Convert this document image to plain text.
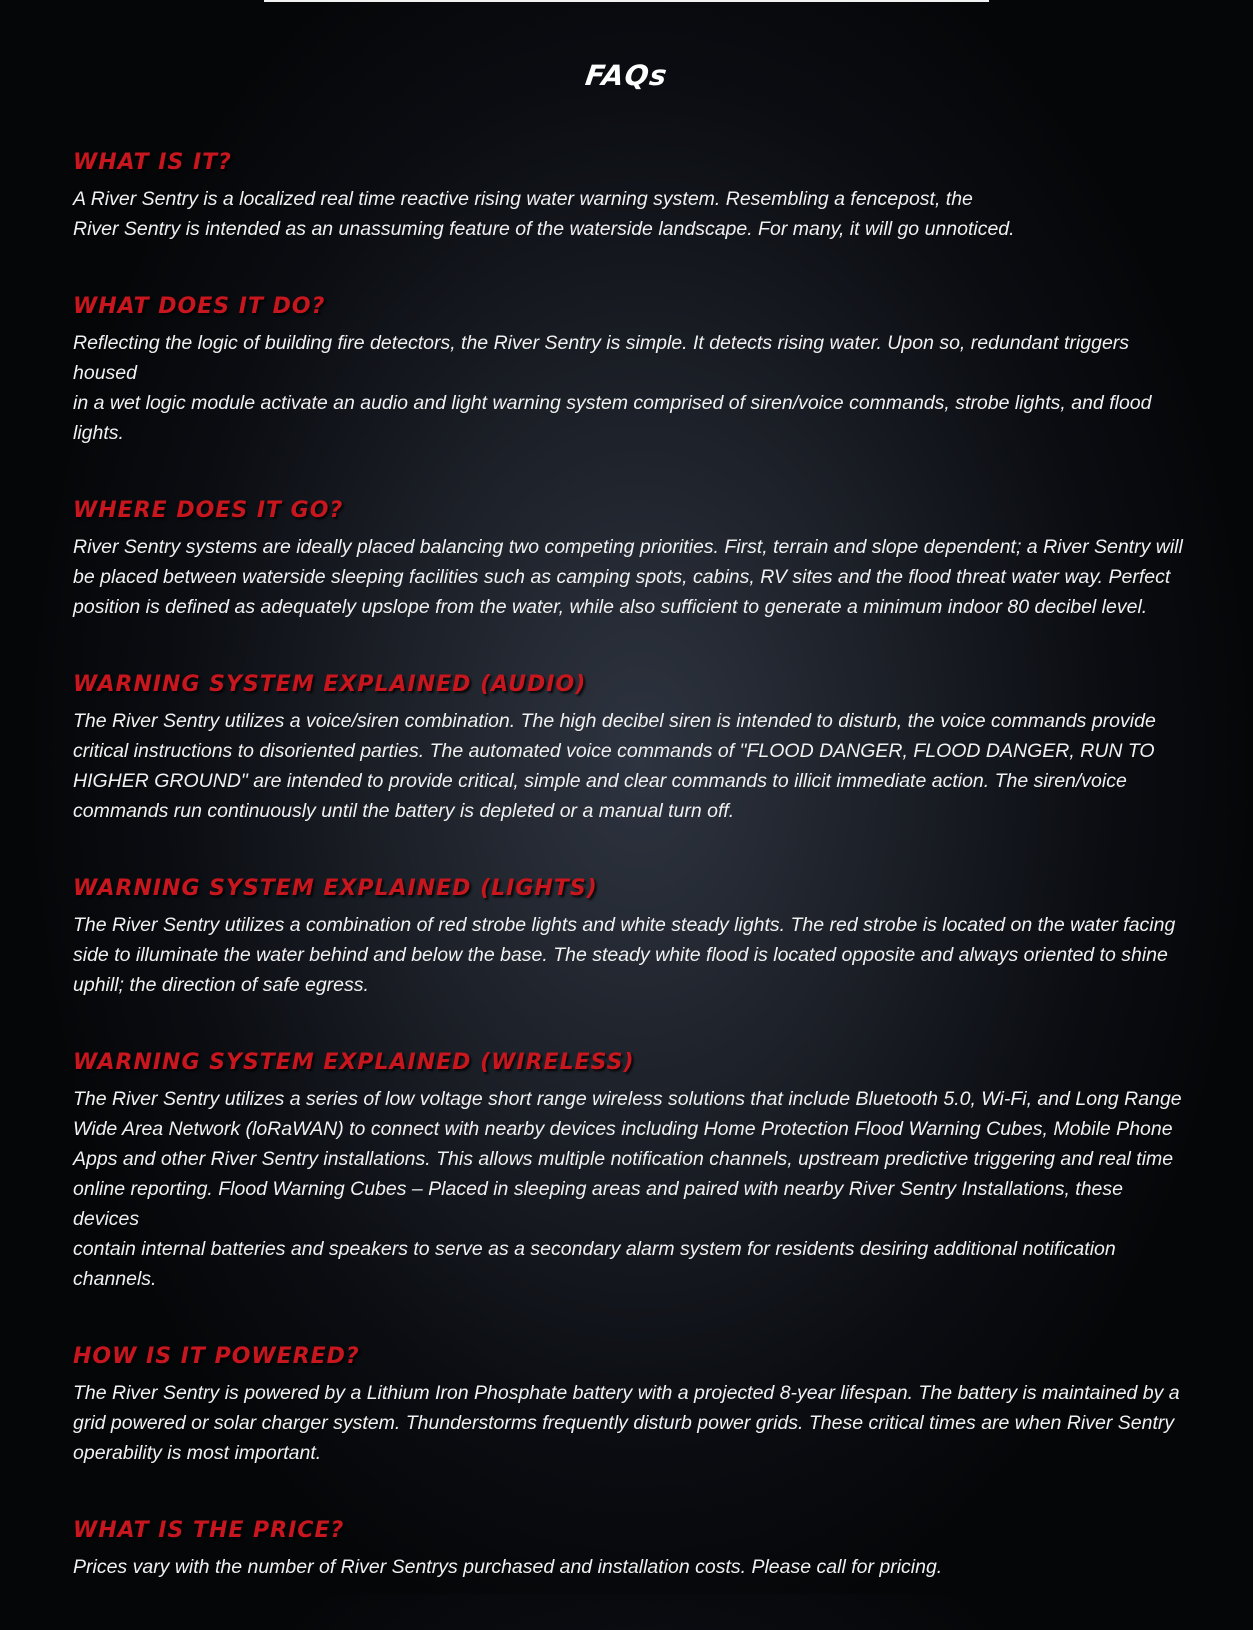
FAQs
WHAT IS IT?

A River Sentry is a localized real time reactive rising water warning system. Resembling a fencepost, the
River Sentry is intended as an unassuming feature of the waterside landscape. For many, it will go unnoticed.

WHAT DOES IT DO?

Reflecting the logic of building fire detectors, the River Sentry is simple. It detects rising water. Upon so, redundant triggers housed
in a wet logic module activate an audio and light warning system comprised of siren/voice commands, strobe lights, and flood lights.

WHERE DOES IT GO?

River Sentry systems are ideally placed balancing two competing priorities. First, terrain and slope dependent; a River Sentry will
be placed between waterside sleeping facilities such as camping spots, cabins, RV sites and the flood threat water way. Perfect
position is defined as adequately upslope from the water, while also sufficient to generate a minimum indoor 80 decibel level.

WARNING SYSTEM EXPLAINED (AUDIO)

The River Sentry utilizes a voice/siren combination. The high decibel siren is intended to disturb, the voice commands provide
critical instructions to disoriented parties. The automated voice commands of "FLOOD DANGER, FLOOD DANGER, RUN TO
HIGHER GROUND" are intended to provide critical, simple and clear commands to illicit immediate action. The siren/voice
commands run continuously until the battery is depleted or a manual turn off.

WARNING SYSTEM EXPLAINED (LIGHTS)

The River Sentry utilizes a combination of red strobe lights and white steady lights. The red strobe is located on the water facing
side to illuminate the water behind and below the base. The steady white flood is located opposite and always oriented to shine
uphill; the direction of safe egress.

WARNING SYSTEM EXPLAINED (WIRELESS)

The River Sentry utilizes a series of low voltage short range wireless solutions that include Bluetooth 5.0, Wi-Fi, and Long Range
Wide Area Network (loRaWAN) to connect with nearby devices including Home Protection Flood Warning Cubes, Mobile Phone
Apps and other River Sentry installations. This allows multiple notification channels, upstream predictive triggering and real time
online reporting. Flood Warning Cubes – Placed in sleeping areas and paired with nearby River Sentry Installations, these devices
contain internal batteries and speakers to serve as a secondary alarm system for residents desiring additional notification channels.

HOW IS IT POWERED?

The River Sentry is powered by a Lithium Iron Phosphate battery with a projected 8-year lifespan. The battery is maintained by a
grid powered or solar charger system. Thunderstorms frequently disturb power grids. These critical times are when River Sentry
operability is most important.

WHAT IS THE PRICE?

Prices vary with the number of River Sentrys purchased and installation costs. Please call for pricing.
